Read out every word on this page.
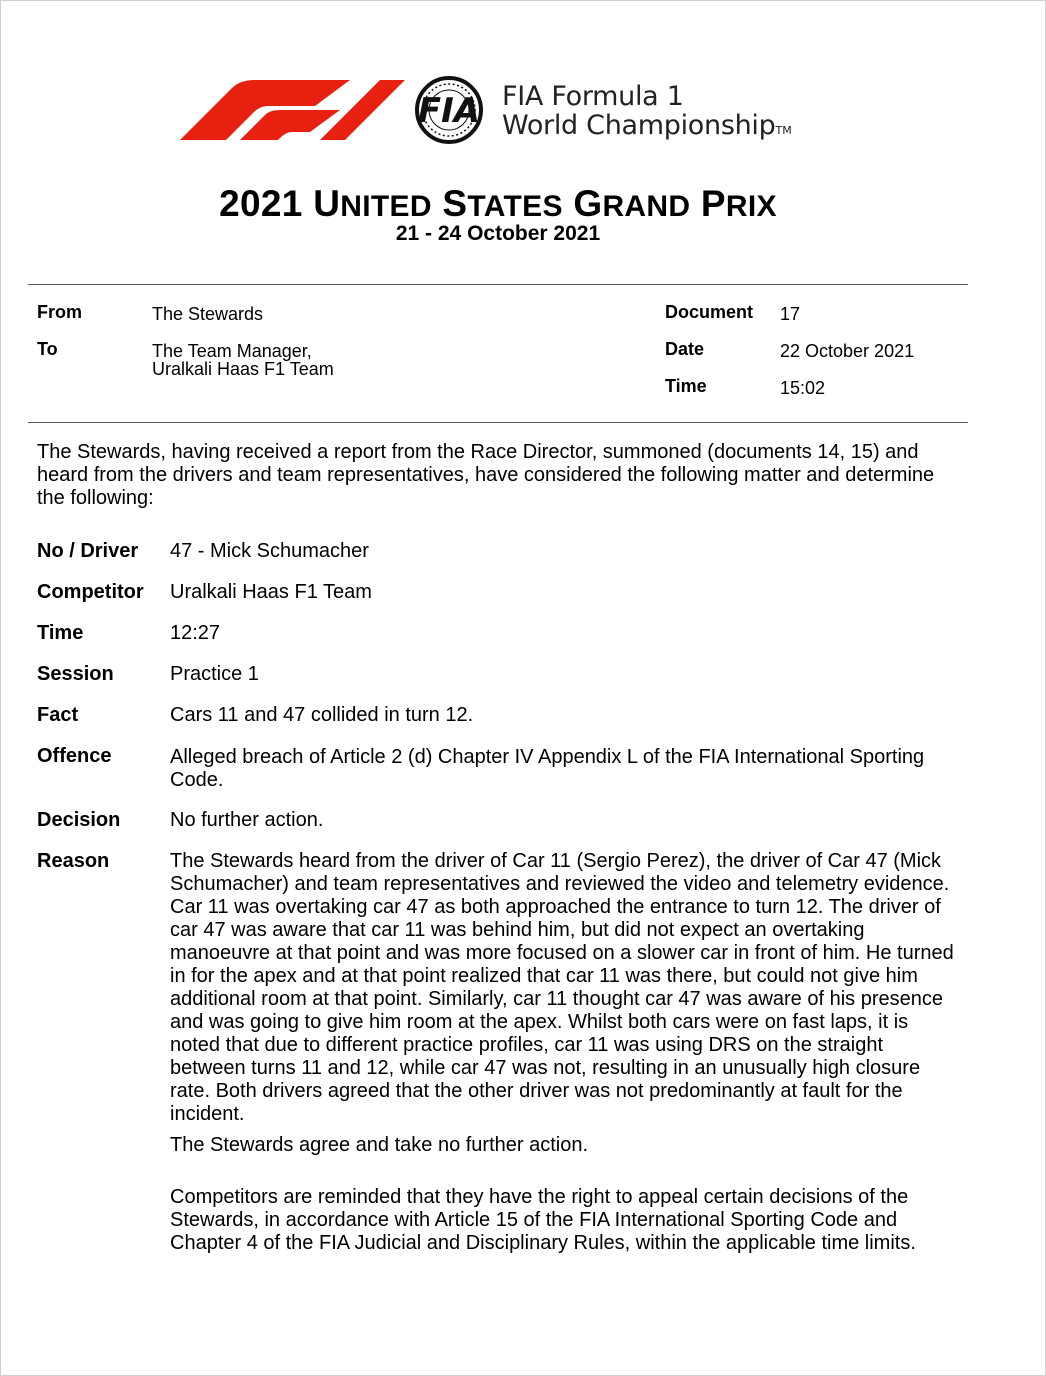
FIA FIA Formula 1
World ChampionshipTM
2021 UNITED STATES GRAND PRIX
21 - 24 October 2021
From	The Stewards
To	The Team Manager,
Uralkali Haas F1 Team
Document 17
Date	22 October 2021
Time	15:02
The Stewards, having received a report from the Race Director, summoned (documents 14, 15) and heard from the drivers and team representatives, have considered the following matter and determine the following:
No / Driver 47 - Mick Schumacher
Competitor Uralkali Haas F1 Team
Time	12:27
Session	Practice 1
Fact	Cars 11 and 47 collided in turn 12.
Offence	Alleged breach of Article 2 (d) Chapter IV Appendix L of the FIA International Sporting Code.
Decision No further action.
Reason	The Stewards heard from the driver of Car 11 (Sergio Perez), the driver of Car 47 (Mick Schumacher) and team representatives and reviewed the video and telemetry evidence. Car 11 was overtaking car 47 as both approached the entrance to turn 12. The driver of car 47 was aware that car 11 was behind him, but did not expect an overtaking manoeuvre at that point and was more focused on a slower car in front of him. He turned in for the apex and at that point realized that car 11 was there, but could not give him additional room at that point. Similarly, car 11 thought car 47 was aware of his presence and was going to give him room at the apex. Whilst both cars were on fast laps, it is noted that due to different practice profiles, car 11 was using DRS on the straight between turns 11 and 12, while car 47 was not, resulting in an unusually high closure rate. Both drivers agreed that the other driver was not predominantly at fault for the incident.

The Stewards agree and take no further action.

Competitors are reminded that they have the right to appeal certain decisions of the Stewards, in accordance with Article 15 of the FIA International Sporting Code and Chapter 4 of the FIA Judicial and Disciplinary Rules, within the applicable time limits.
